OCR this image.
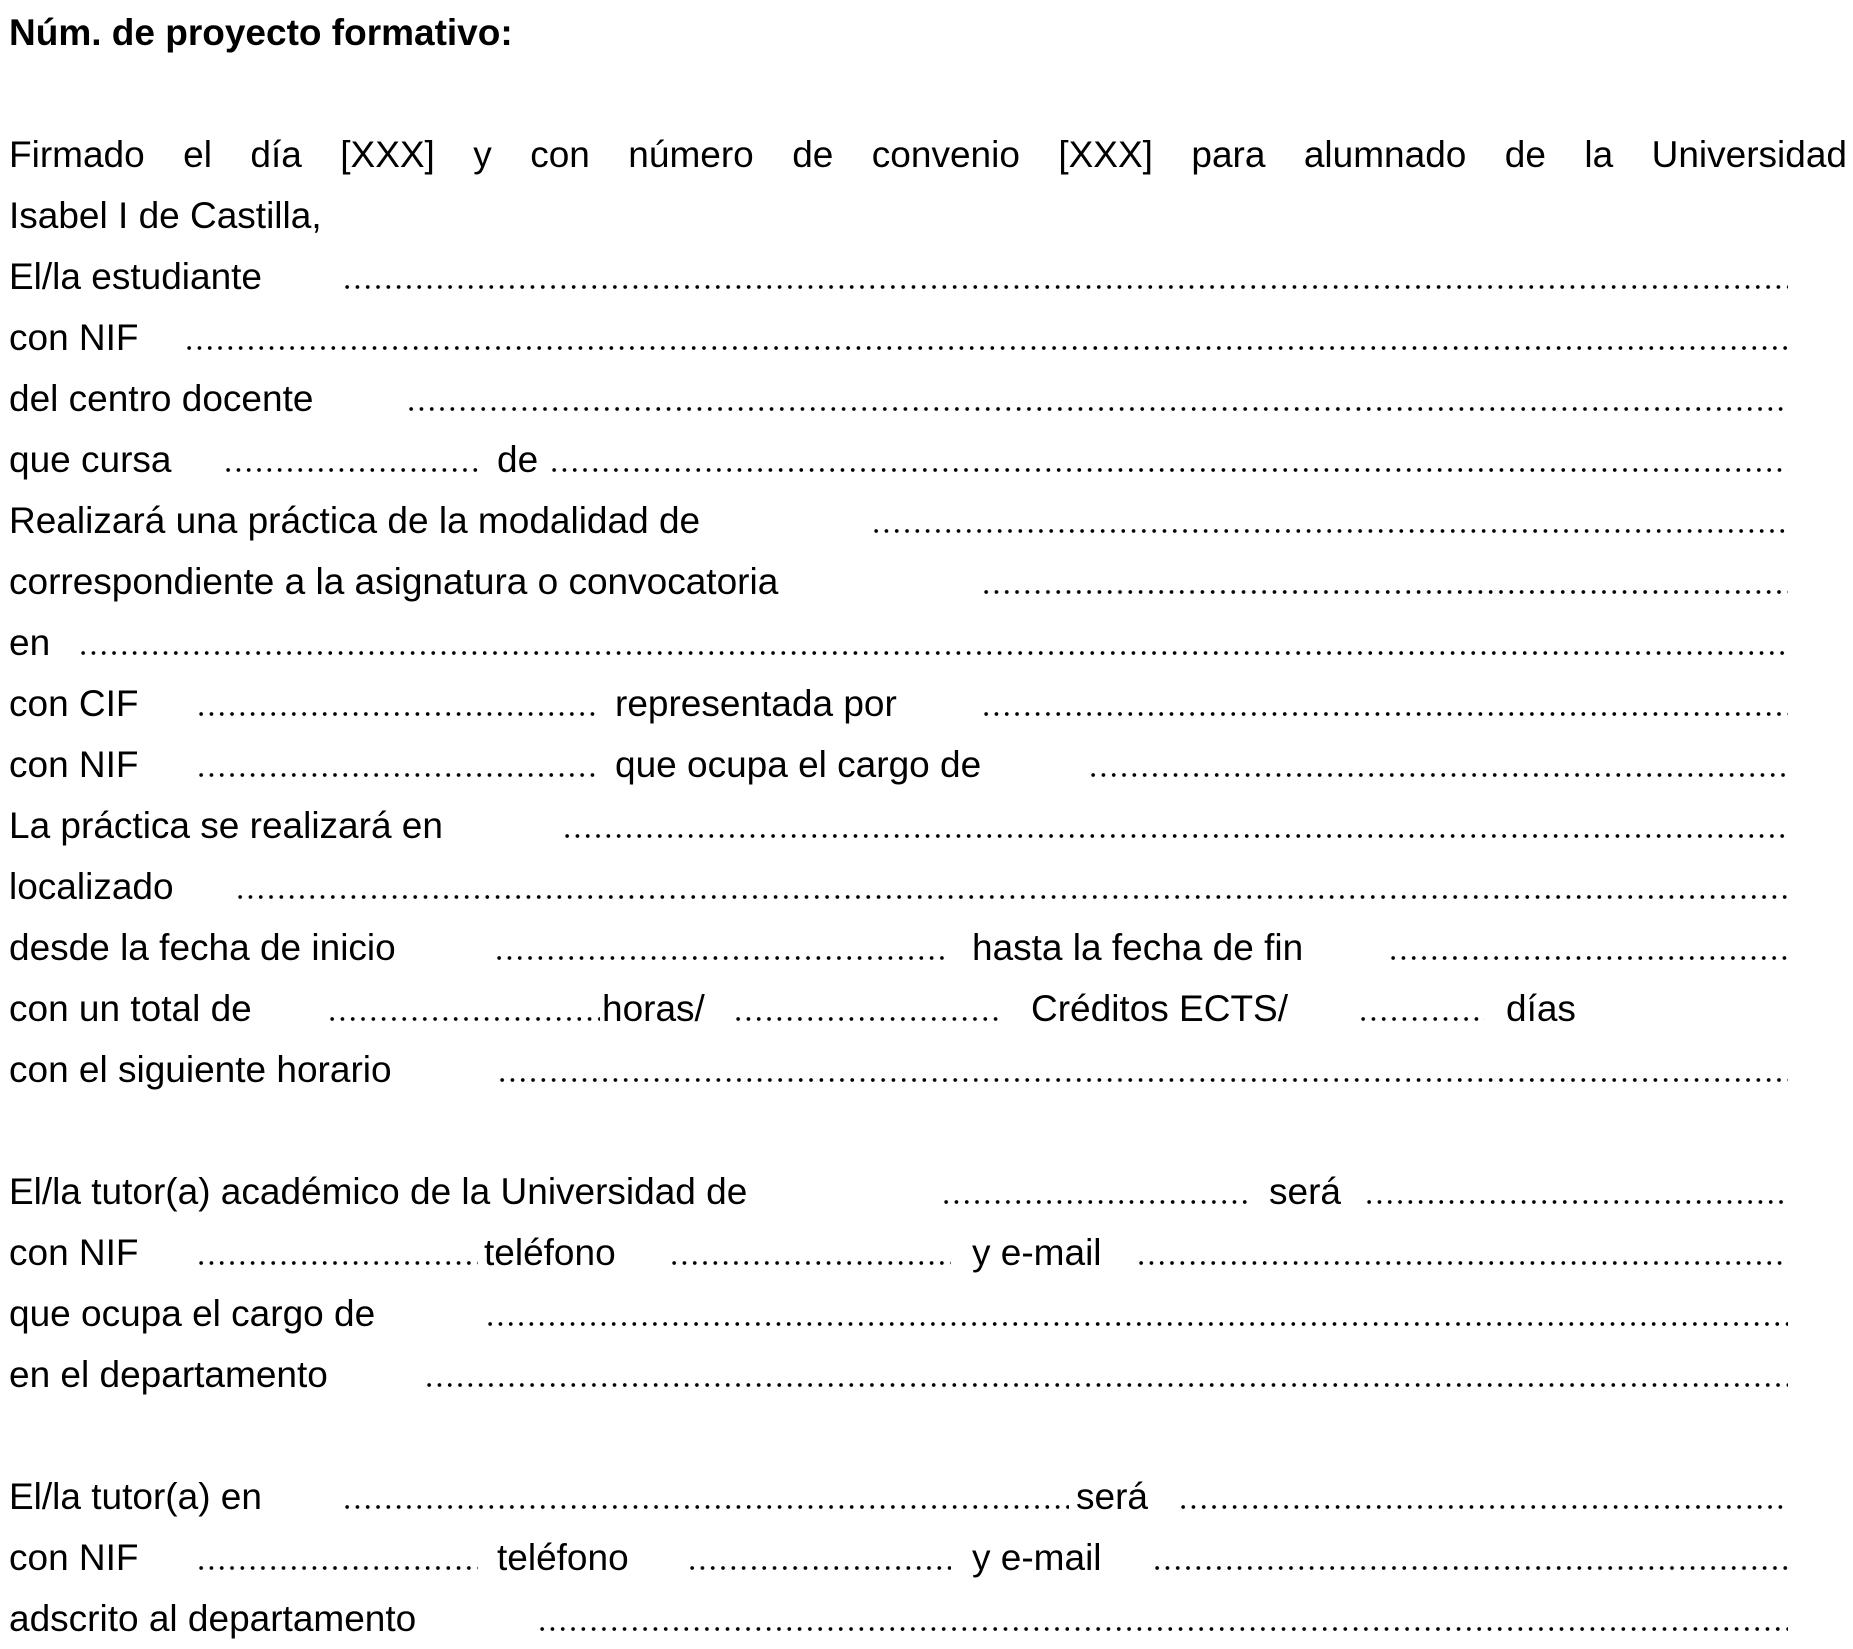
Núm. de proyecto formativo:
Firmado el día [XXX] y con número de convenio [XXX] para alumnado de la Universidad
Isabel I de Castilla,
El/la estudiante
con NIF
del centro docente
que cursa	de
Realizará una práctica de la modalidad de
correspondiente a la asignatura o convocatoria
en
con CIF	representada por
con NIF	que ocupa el cargo de
La práctica se realizará en
localizado
desde la fecha de inicio	hasta la fecha de fin
con un total de	horas/	Créditos ECTS/	días
con el siguiente horario
El/la tutor(a) académico de la Universidad de	será
con NIF	teléfono	y e-mail
que ocupa el cargo de
en el departamento
El/la tutor(a) en	será
con NIF	teléfono	y e-mail
adscrito al departamento
